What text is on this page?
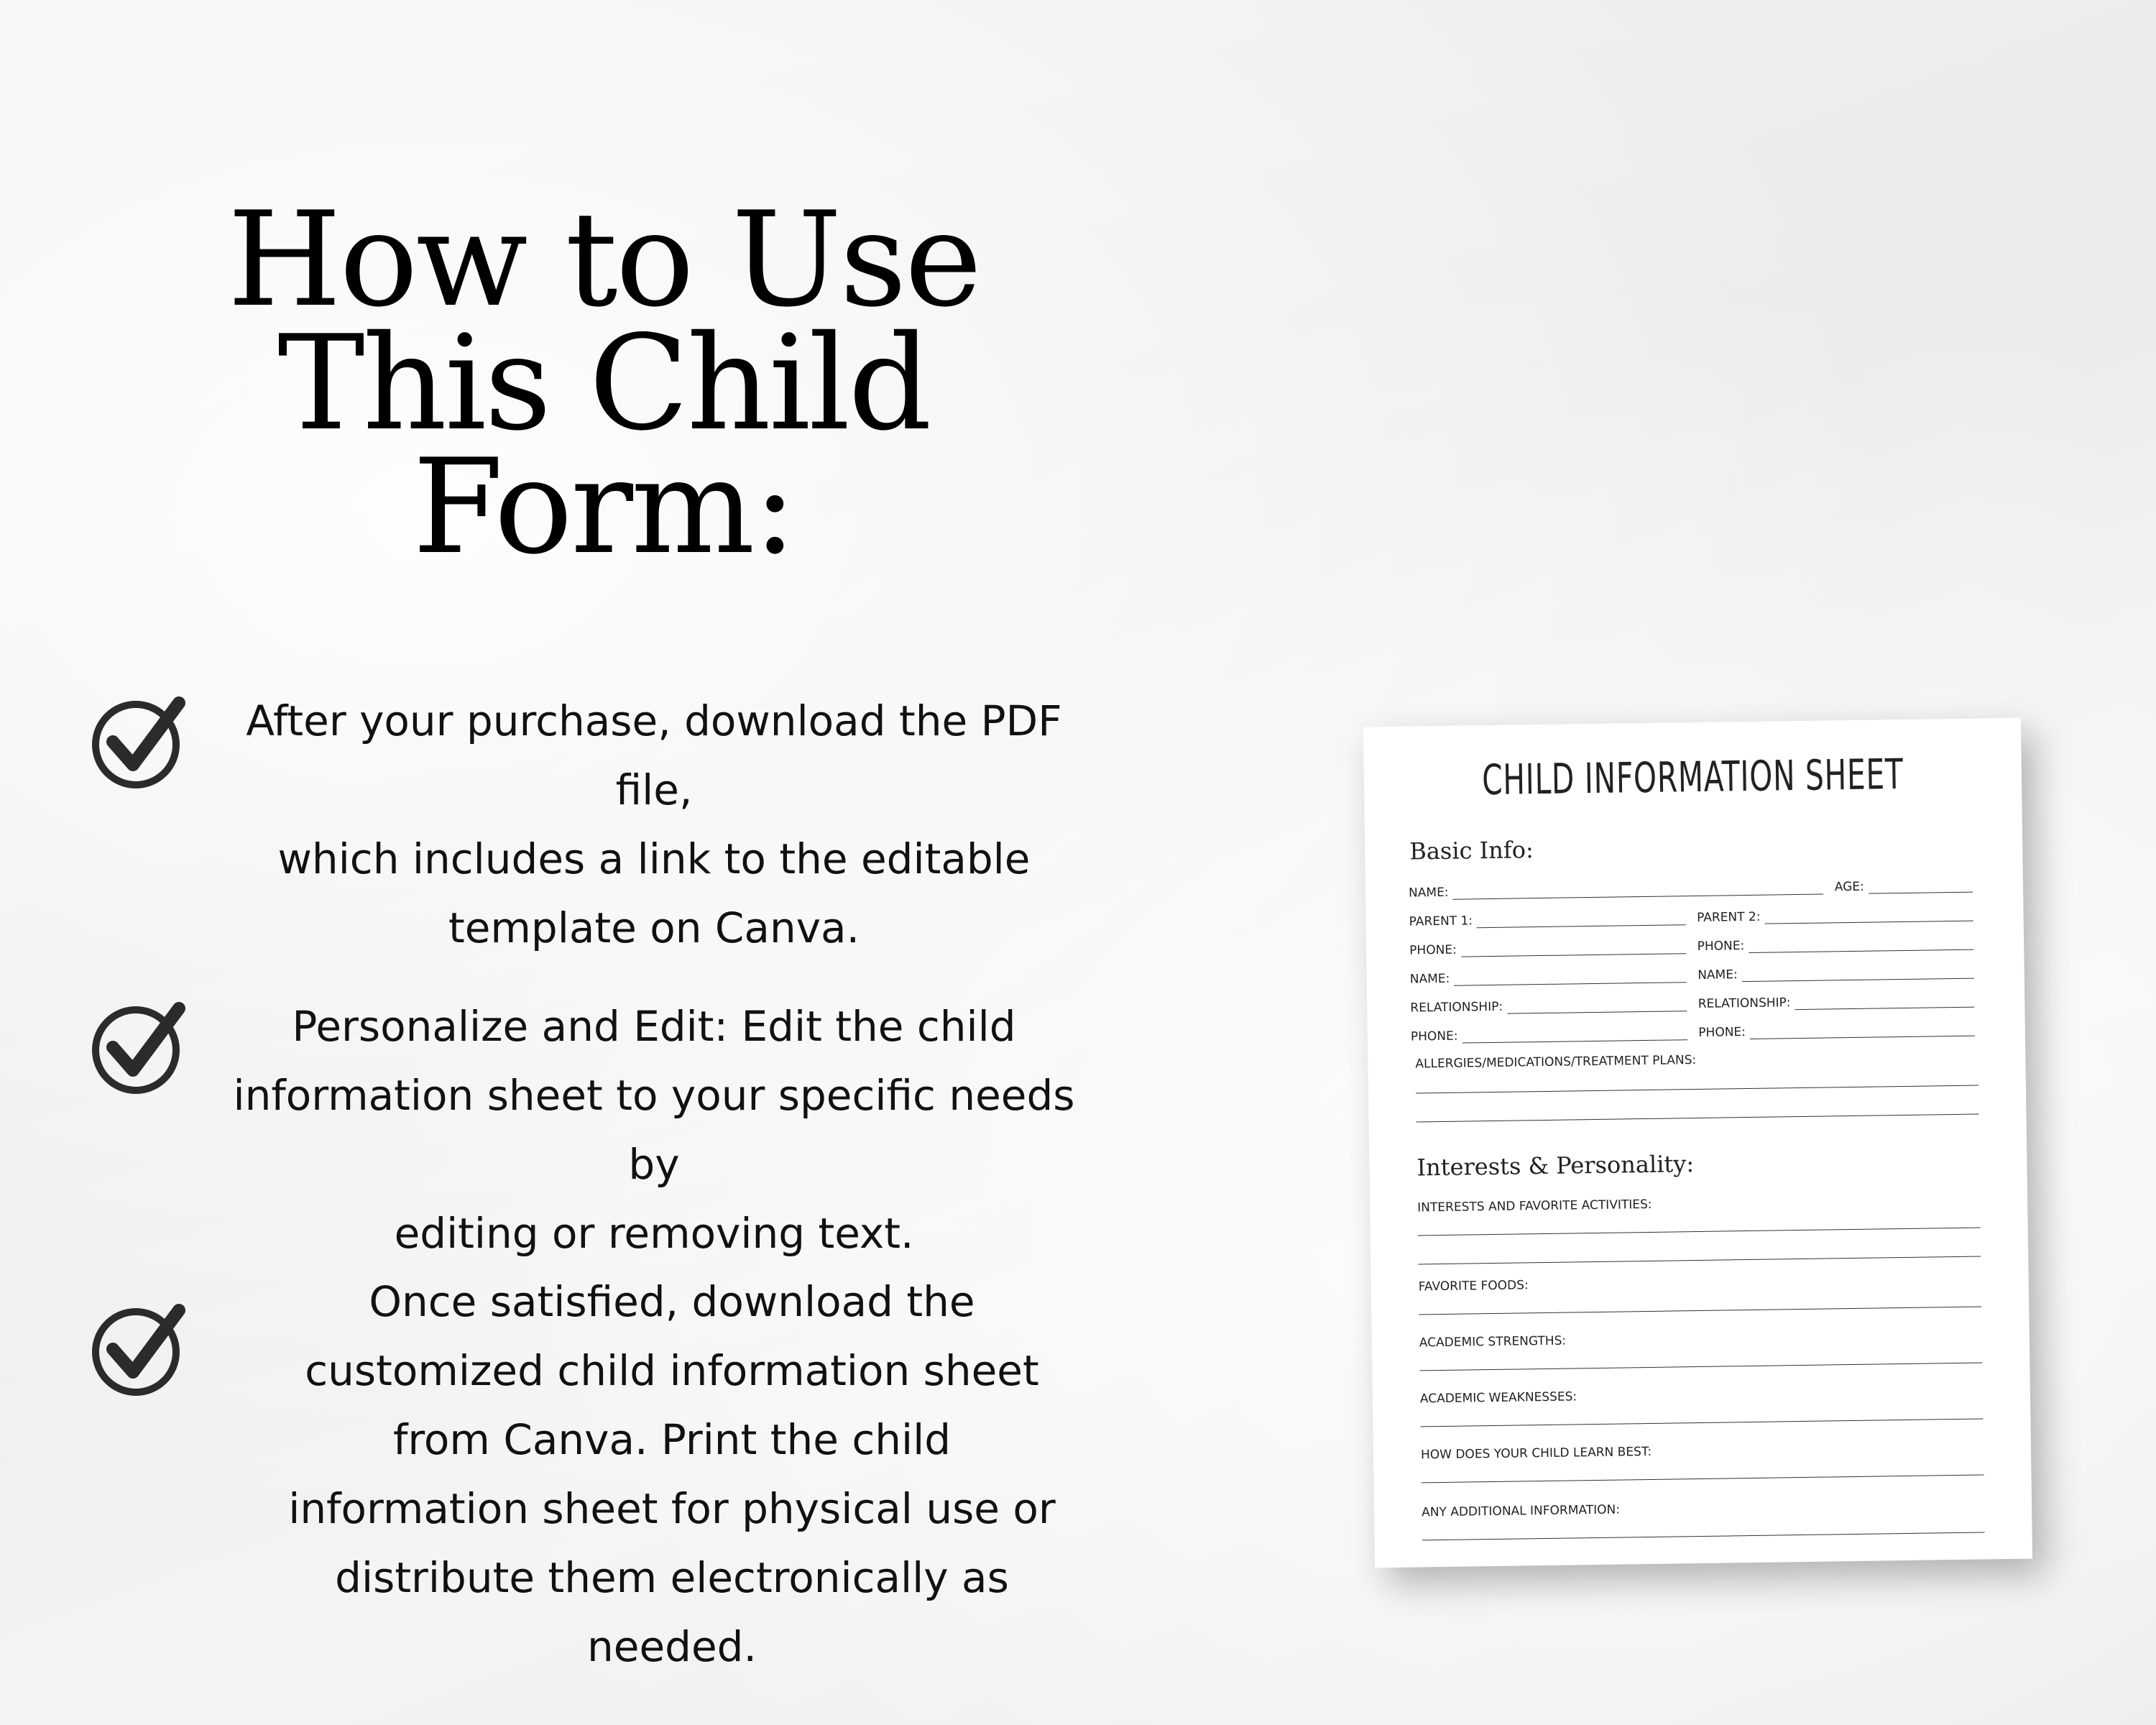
How to Use
This Child
Form:

After your purchase, download the PDF file,
which includes a link to the editable
template on Canva.

Personalize and Edit: Edit the child
information sheet to your specific needs by
editing or removing text.

Once satisfied, download the
customized child information sheet
from Canva. Print the child
information sheet for physical use or
distribute them electronically as
needed.

CHILD INFORMATION SHEET
Basic Info:
NAME:	AGE:
PARENT 1:	PARENT 2:
PHONE:	PHONE:
NAME:	NAME:
RELATIONSHIP:	RELATIONSHIP:
PHONE:	PHONE:

ALLERGIES/MEDICATIONS/TREATMENT PLANS:

Interests & Personality:

INTERESTS AND FAVORITE ACTIVITIES:

FAVORITE FOODS:

ACADEMIC STRENGTHS:

ACADEMIC WEAKNESSES:

HOW DOES YOUR CHILD LEARN BEST:

ANY ADDITIONAL INFORMATION:
